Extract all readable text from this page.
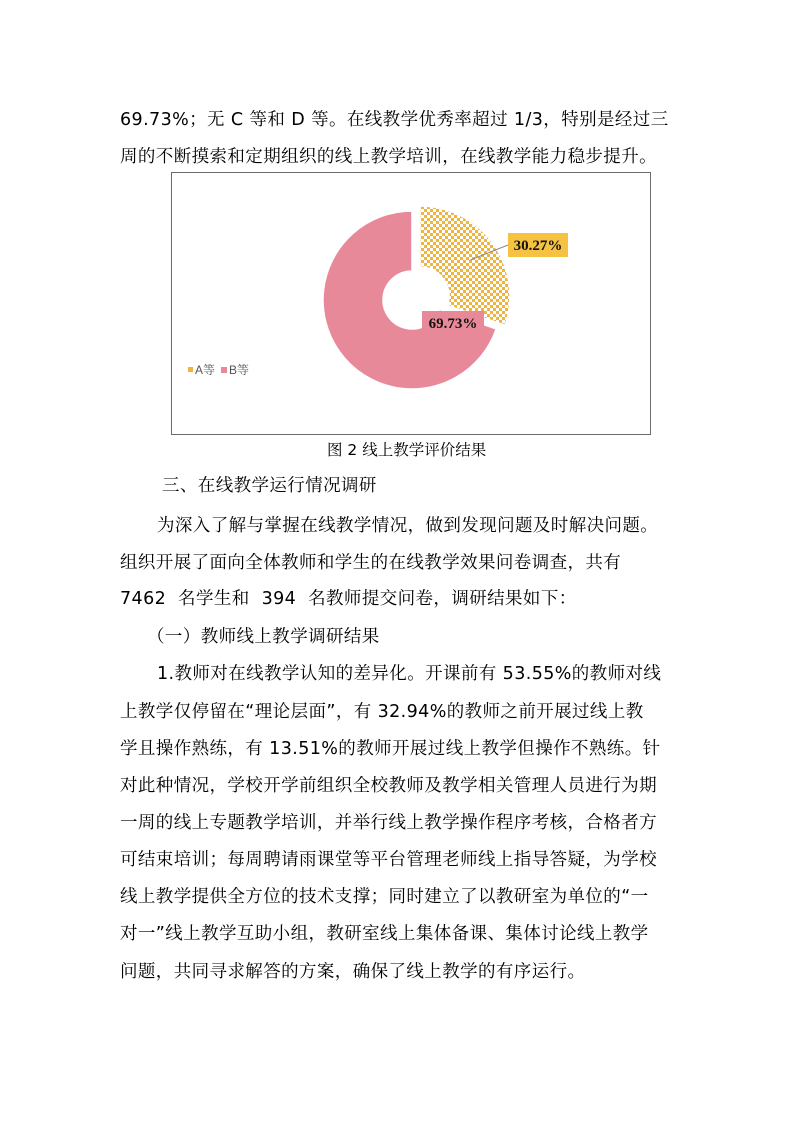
69.73%；无 C 等和 D 等。在线教学优秀率超过 1/3，特别是经过三
周的不断摸索和定期组织的线上教学培训，在线教学能力稳步提升。
30.27%
69.73%
A等 B等
图 2 线上教学评价结果
三、在线教学运行情况调研
为深入了解与掌握在线教学情况，做到发现问题及时解决问题。
组织开展了面向全体教师和学生的在线教学效果问卷调查，共有
7462  名学生和  394  名教师提交问卷，调研结果如下：
（一）教师线上教学调研结果
1.教师对在线教学认知的差异化。开课前有 53.55%的教师对线
上教学仅停留在“理论层面”，有 32.94%的教师之前开展过线上教
学且操作熟练，有 13.51%的教师开展过线上教学但操作不熟练。针
对此种情况，学校开学前组织全校教师及教学相关管理人员进行为期
一周的线上专题教学培训，并举行线上教学操作程序考核，合格者方
可结束培训；每周聘请雨课堂等平台管理老师线上指导答疑，为学校
线上教学提供全方位的技术支撑；同时建立了以教研室为单位的“一
对一”线上教学互助小组，教研室线上集体备课、集体讨论线上教学
问题，共同寻求解答的方案，确保了线上教学的有序运行。
